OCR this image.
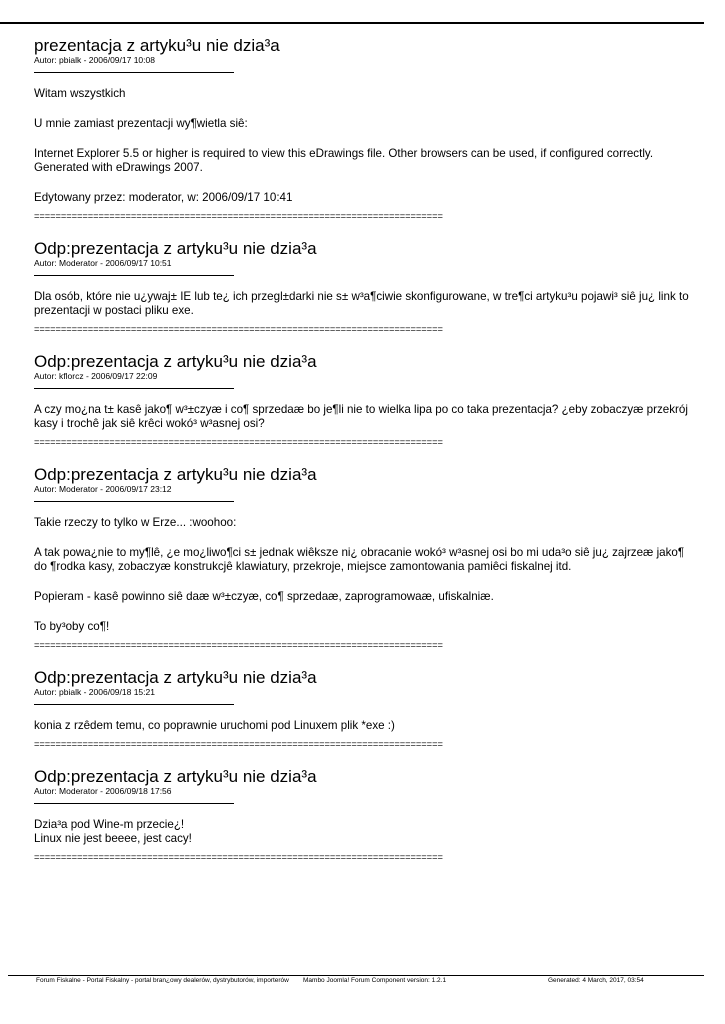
prezentacja z artyku³u nie dzia³a
Autor: pbialk - 2006/09/17 10:08

Witam wszystkich

U mnie zamiast prezentacji wy¶wietla siê:

Internet Explorer 5.5 or higher is required to view this eDrawings file. Other browsers can be used, if configured correctly. Generated with eDrawings 2007.

Edytowany przez: moderator, w: 2006/09/17 10:41

============================================================================
Odp:prezentacja z artyku³u nie dzia³a
Autor: Moderator - 2006/09/17 10:51

Dla osób, które nie u¿ywaj± IE lub te¿ ich przegl±darki nie s± w³a¶ciwie skonfigurowane, w tre¶ci artyku³u pojawi³ siê ju¿ link to prezentacji w postaci pliku exe.

============================================================================
Odp:prezentacja z artyku³u nie dzia³a
Autor: kflorcz - 2006/09/17 22:09

A czy mo¿na t± kasê jako¶ w³±czyæ i co¶ sprzedaæ bo je¶li nie to wielka lipa po co taka prezentacja? ¿eby zobaczyæ przekrój kasy i trochê jak siê krêci wokó³ w³asnej osi?

============================================================================
Odp:prezentacja z artyku³u nie dzia³a
Autor: Moderator - 2006/09/17 23:12

Takie rzeczy to tylko w Erze... :woohoo:

A tak powa¿nie to my¶lê, ¿e mo¿liwo¶ci s± jednak wiêksze ni¿ obracanie wokó³ w³asnej osi bo mi uda³o siê ju¿ zajrzeæ jako¶ do ¶rodka kasy, zobaczyæ konstrukcjê klawiatury, przekroje, miejsce zamontowania pamiêci fiskalnej itd.

Popieram - kasê powinno siê daæ w³±czyæ, co¶ sprzedaæ, zaprogramowaæ, ufiskalniæ.

To by³oby co¶!

============================================================================
Odp:prezentacja z artyku³u nie dzia³a
Autor: pbialk - 2006/09/18 15:21

konia z rzêdem temu, co poprawnie uruchomi pod Linuxem plik *exe :)

============================================================================
Odp:prezentacja z artyku³u nie dzia³a
Autor: Moderator - 2006/09/18 17:56

Dzia³a pod Wine-m przecie¿!
Linux nie jest beeee, jest cacy!

============================================================================
Forum Fiskalne - Portal Fiskalny - portal bran¿owy dealerów, dystrybutorów, importerów Mambo Joomla! Forum Component version: 1.2.1	Generated: 4 March, 2017, 03:54
